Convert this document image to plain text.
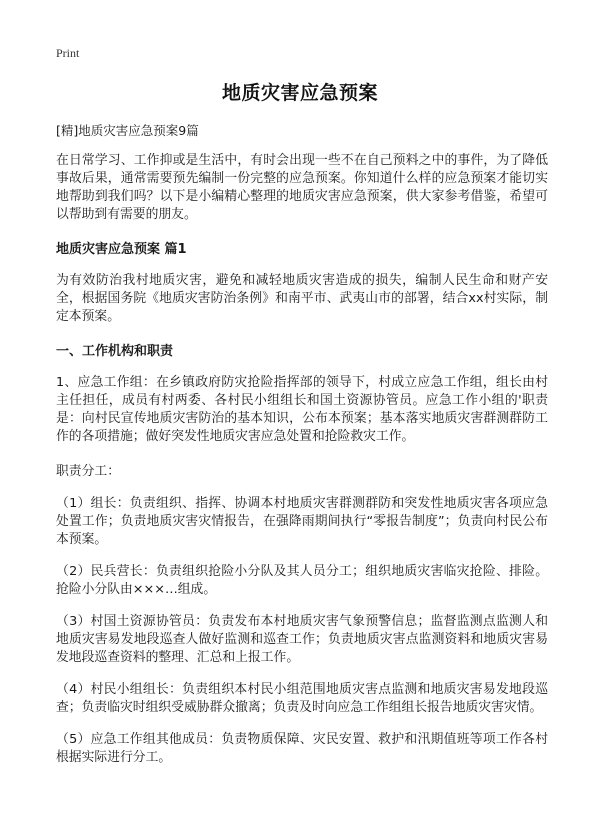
Print
地质灾害应急预案

[精]地质灾害应急预案9篇

在日常学习、工作抑或是生活中，有时会出现一些不在自己预料之中的事件，为了降低事故后果，通常需要预先编制一份完整的应急预案。你知道什么样的应急预案才能切实地帮助到我们吗？以下是小编精心整理的地质灾害应急预案，供大家参考借鉴，希望可以帮助到有需要的朋友。

地质灾害应急预案 篇1

为有效防治我村地质灾害，避免和减轻地质灾害造成的损失，编制人民生命和财产安全，根据国务院《地质灾害防治条例》和南平市、武夷山市的部署，结合xx村实际，制定本预案。

一、工作机构和职责

1、应急工作组：在乡镇政府防灾抢险指挥部的领导下，村成立应急工作组，组长由村主任担任，成员有村两委、各村民小组组长和国土资源协管员。应急工作小组的'职责是：向村民宣传地质灾害防治的基本知识，公布本预案；基本落实地质灾害群测群防工作的各项措施；做好突发性地质灾害应急处置和抢险救灾工作。

职责分工：

（1）组长：负责组织、指挥、协调本村地质灾害群测群防和突发性地质灾害各项应急处置工作；负责地质灾害灾情报告，在强降雨期间执行“零报告制度”；负责向村民公布本预案。

（2）民兵营长：负责组织抢险小分队及其人员分工；组织地质灾害临灾抢险、排险。抢险小分队由×××…组成。

（3）村国土资源协管员：负责发布本村地质灾害气象预警信息；监督监测点监测人和地质灾害易发地段巡查人做好监测和巡查工作；负责地质灾害点监测资料和地质灾害易发地段巡查资料的整理、汇总和上报工作。

（4）村民小组组长：负责组织本村民小组范围地质灾害点监测和地质灾害易发地段巡查；负责临灾时组织受威胁群众撤离；负责及时向应急工作组组长报告地质灾害灾情。

（5）应急工作组其他成员：负责物质保障、灾民安置、救护和汛期值班等项工作各村根据实际进行分工。
